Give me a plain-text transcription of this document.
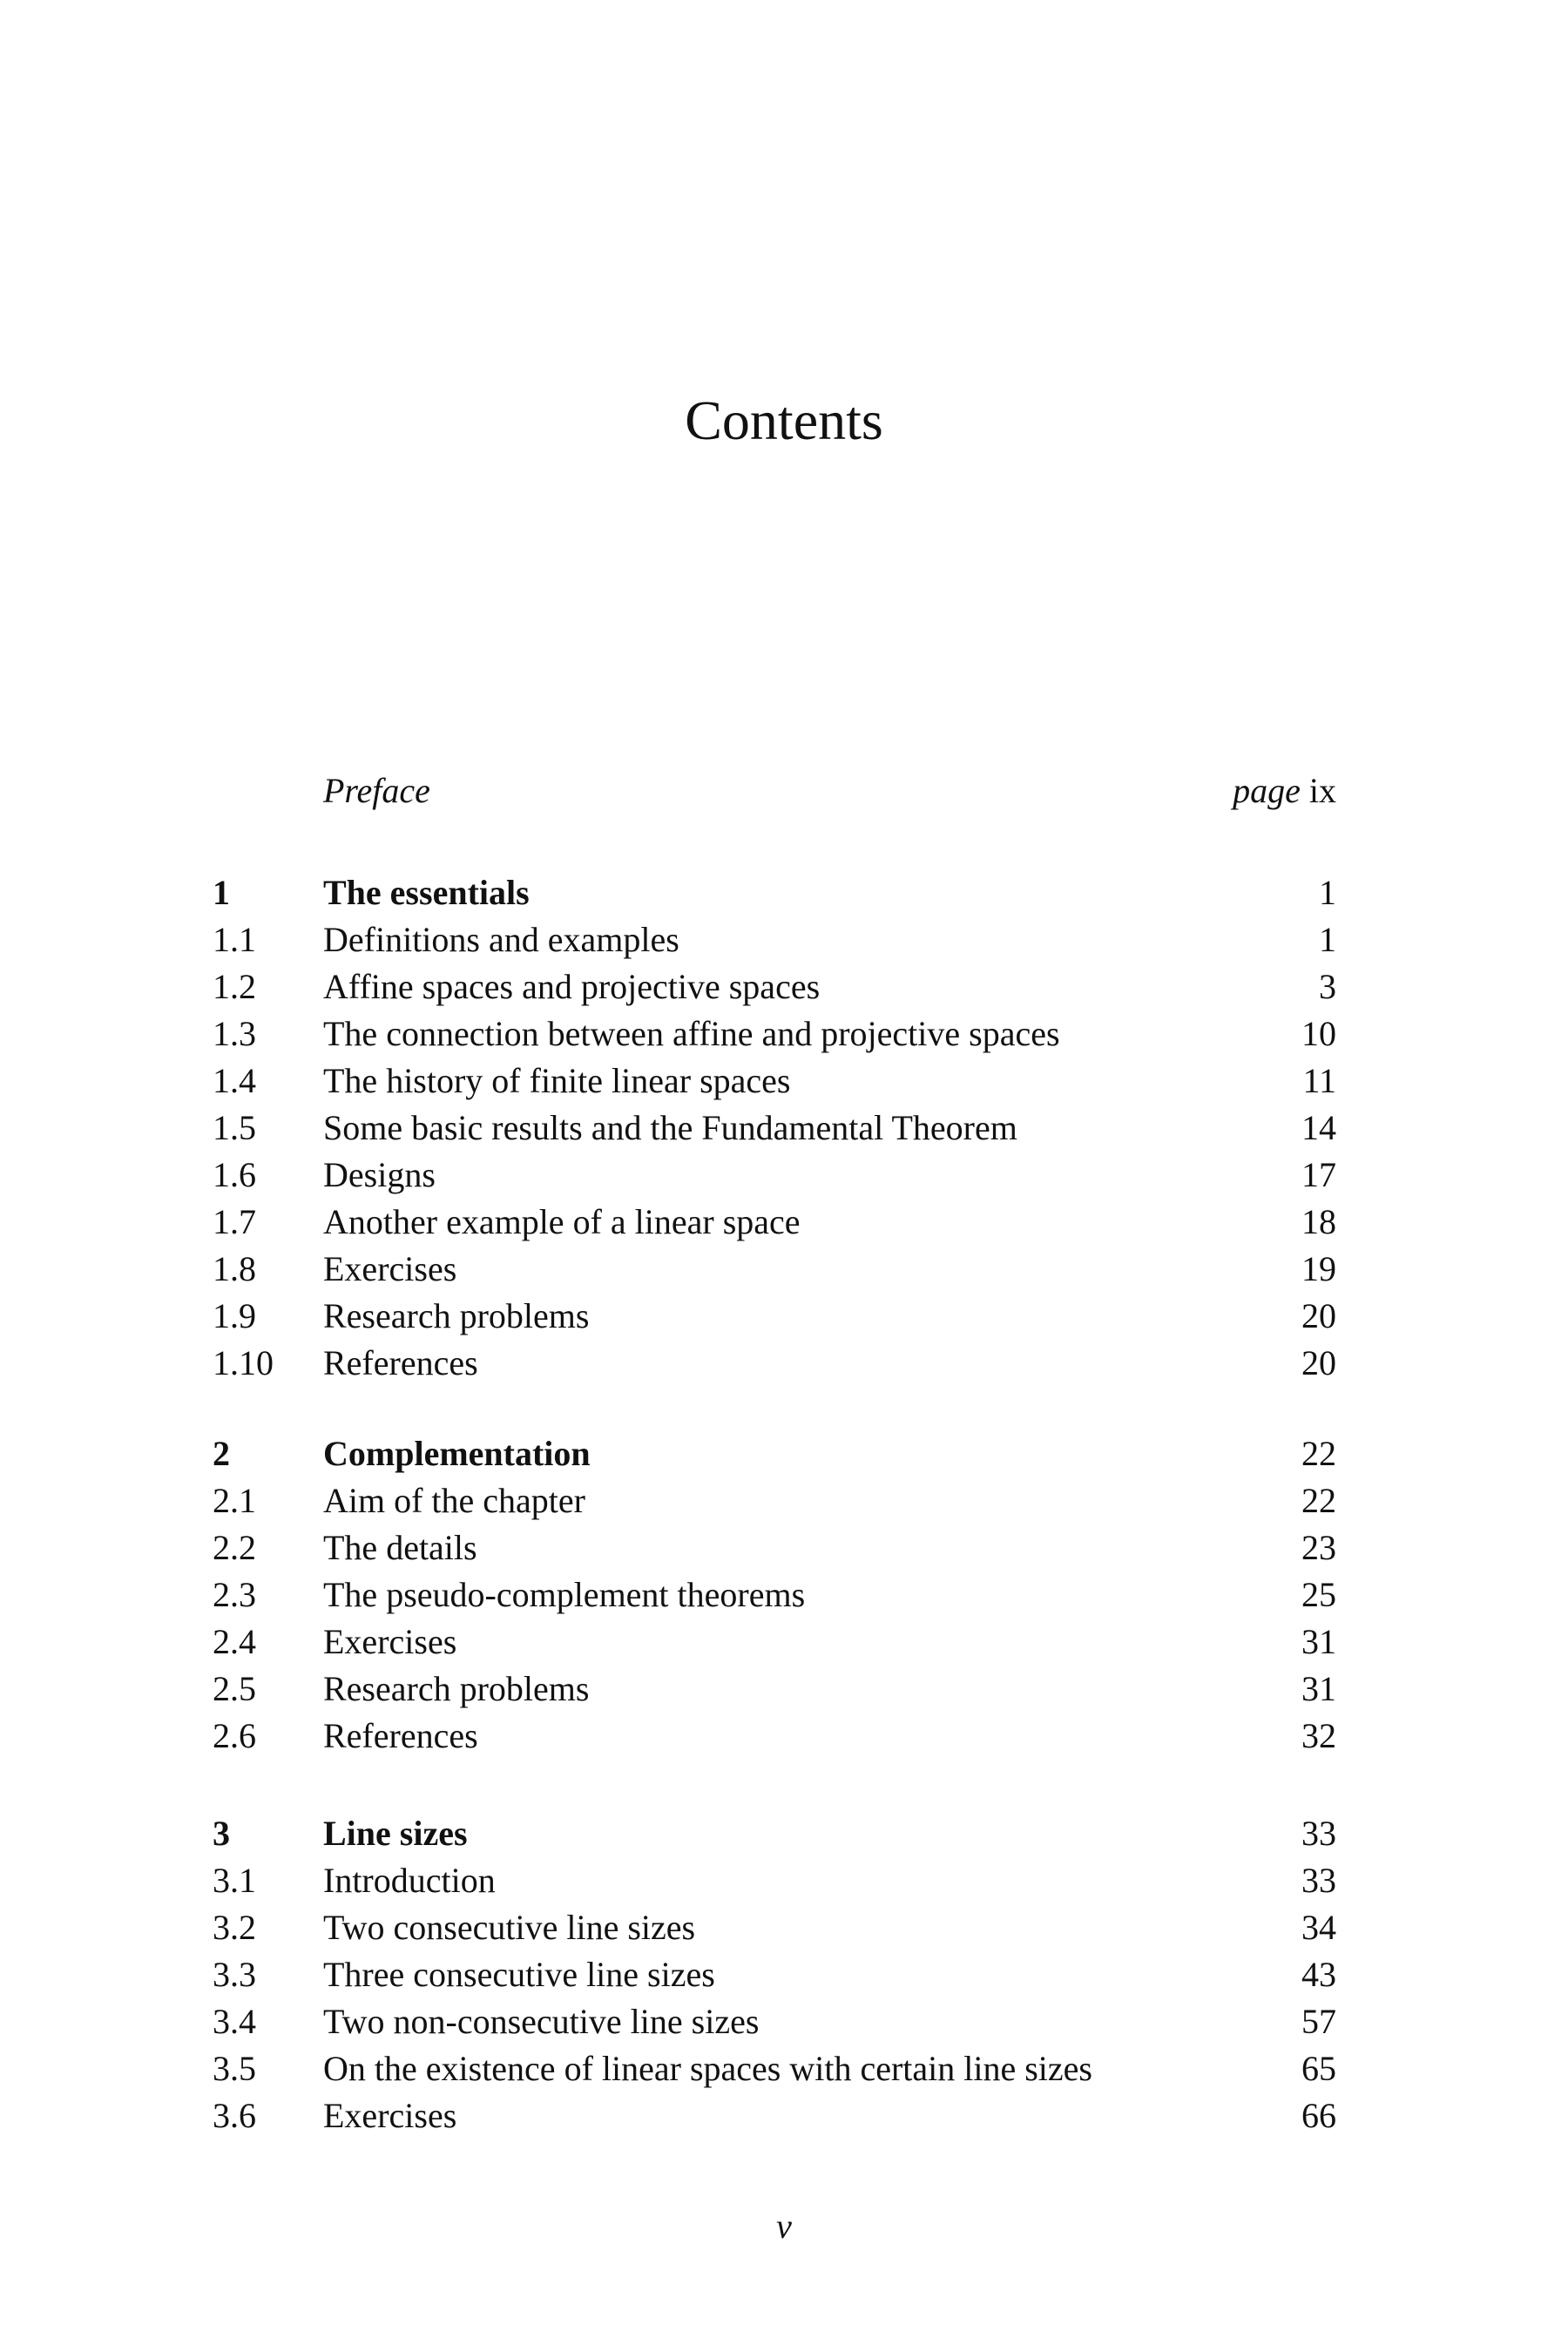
Contents
Preface	page ix
1	The essentials	1
1.1	Definitions and examples	1
1.2	Affine spaces and projective spaces	3
1.3	The connection between affine and projective spaces	10
1.4	The history of finite linear spaces	11
1.5	Some basic results and the Fundamental Theorem	14
1.6	Designs	17
1.7	Another example of a linear space	18
1.8	Exercises	19
1.9	Research problems	20
1.10	References	20
2	Complementation	22
2.1	Aim of the chapter	22
2.2	The details	23
2.3	The pseudo-complement theorems	25
2.4	Exercises	31
2.5	Research problems	31
2.6	References	32
3	Line sizes	33
3.1	Introduction	33
3.2	Two consecutive line sizes	34
3.3	Three consecutive line sizes	43
3.4	Two non-consecutive line sizes	57
3.5	On the existence of linear spaces with certain line sizes	65
3.6	Exercises	66
v
